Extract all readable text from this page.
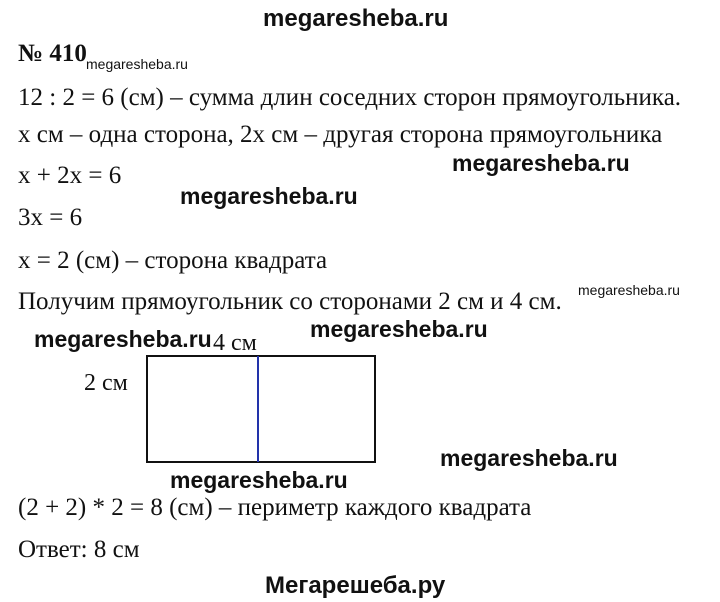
megaresheba.ru
№ 410 megaresheba.ru
megaresheba.ru
12 : 2 = 6 (см) – сумма длин соседних сторон прямоугольника.
x см – одна сторона, 2x см – другая сторона прямоугольника
megaresheba.ru
x + 2x = 6
megaresheba.ru
3x = 6
x = 2 (см) – сторона квадрата
Получим прямоугольник со сторонами 2 см и 4 см.
megaresheba.ru
megaresheba.ru 4 см
2 см
megaresheba.ru
megaresheba.ru
(2 + 2) * 2 = 8 (см) – периметр каждого квадрата
Ответ: 8 см
Мегарешеба.ру
